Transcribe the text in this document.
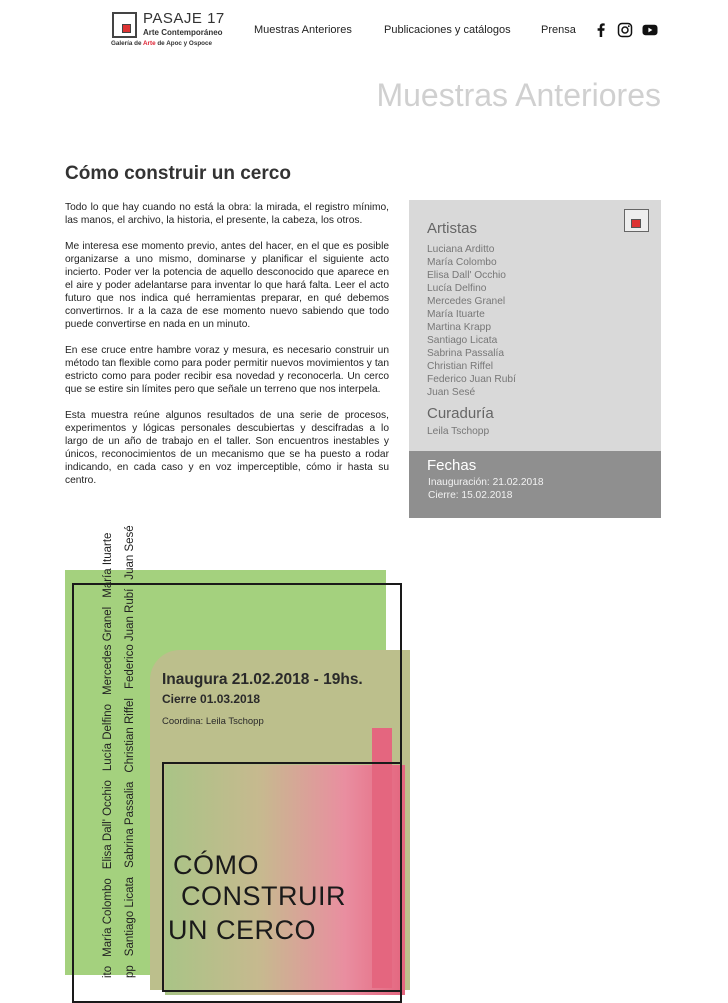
PASAJE 17
Arte Contemporáneo
Galería de Arte de Apoc y Ospoce
Muestras Anteriores	Publicaciones y catálogos	Prensa
Muestras Anteriores
Cómo construir un cerco

Todo lo que hay cuando no está la obra: la mirada, el registro mínimo, las manos, el archivo, la historia, el presente, la cabeza, los otros.

Me interesa ese momento previo, antes del hacer, en el que es posible organizarse a uno mismo, dominarse y planificar el siguiente acto incierto. Poder ver la potencia de aquello desconocido que aparece en el aire y poder adelantarse para inventar lo que hará falta. Leer el acto futuro que nos indica qué herramientas preparar, en qué debemos convertirnos. Ir a la caza de ese momento nuevo sabiendo que todo puede convertirse en nada en un minuto.

En ese cruce entre hambre voraz y mesura, es necesario construir un método tan flexible como para poder permitir nuevos movimientos y tan estricto como para poder recibir esa novedad y reconocerla. Un cerco que se estire sin límites pero que señale un terreno que nos interpela.

Esta muestra reúne algunos resultados de una serie de procesos, experimentos y lógicas personales descubiertas y descifradas a lo largo de un año de trabajo en el taller. Son encuentros inestables y únicos, reconocimientos de un mecanismo que se ha puesto a rodar indicando, en cada caso y en voz imperceptible, cómo ir hasta su centro.

Artistas
Luciana Arditto
María Colombo
Elisa Dall' Occhio
Lucía Delfino
Mercedes Granel
María Ituarte
Martina Krapp
Santiago Licata
Sabrina Passalía
Christian Riffel
Federico Juan Rubí
Juan Sesé
Curaduría
Leila Tschopp
Fechas
Inauguración: 21.02.2018
Cierre: 15.02.2018
itoMaría ColomboElisa Dall' OcchioLucía DelfinoMercedes GranelMaría Ituarte
ppSantiago LicataSabrina PassaliaChristian RiffelFederico Juan RubíJuan Sesé
Inaugura 21.02.2018 - 19hs.
Cierre 01.03.2018
Coordina: Leila Tschopp
CÓMO
CONSTRUIR
UN CERCO
